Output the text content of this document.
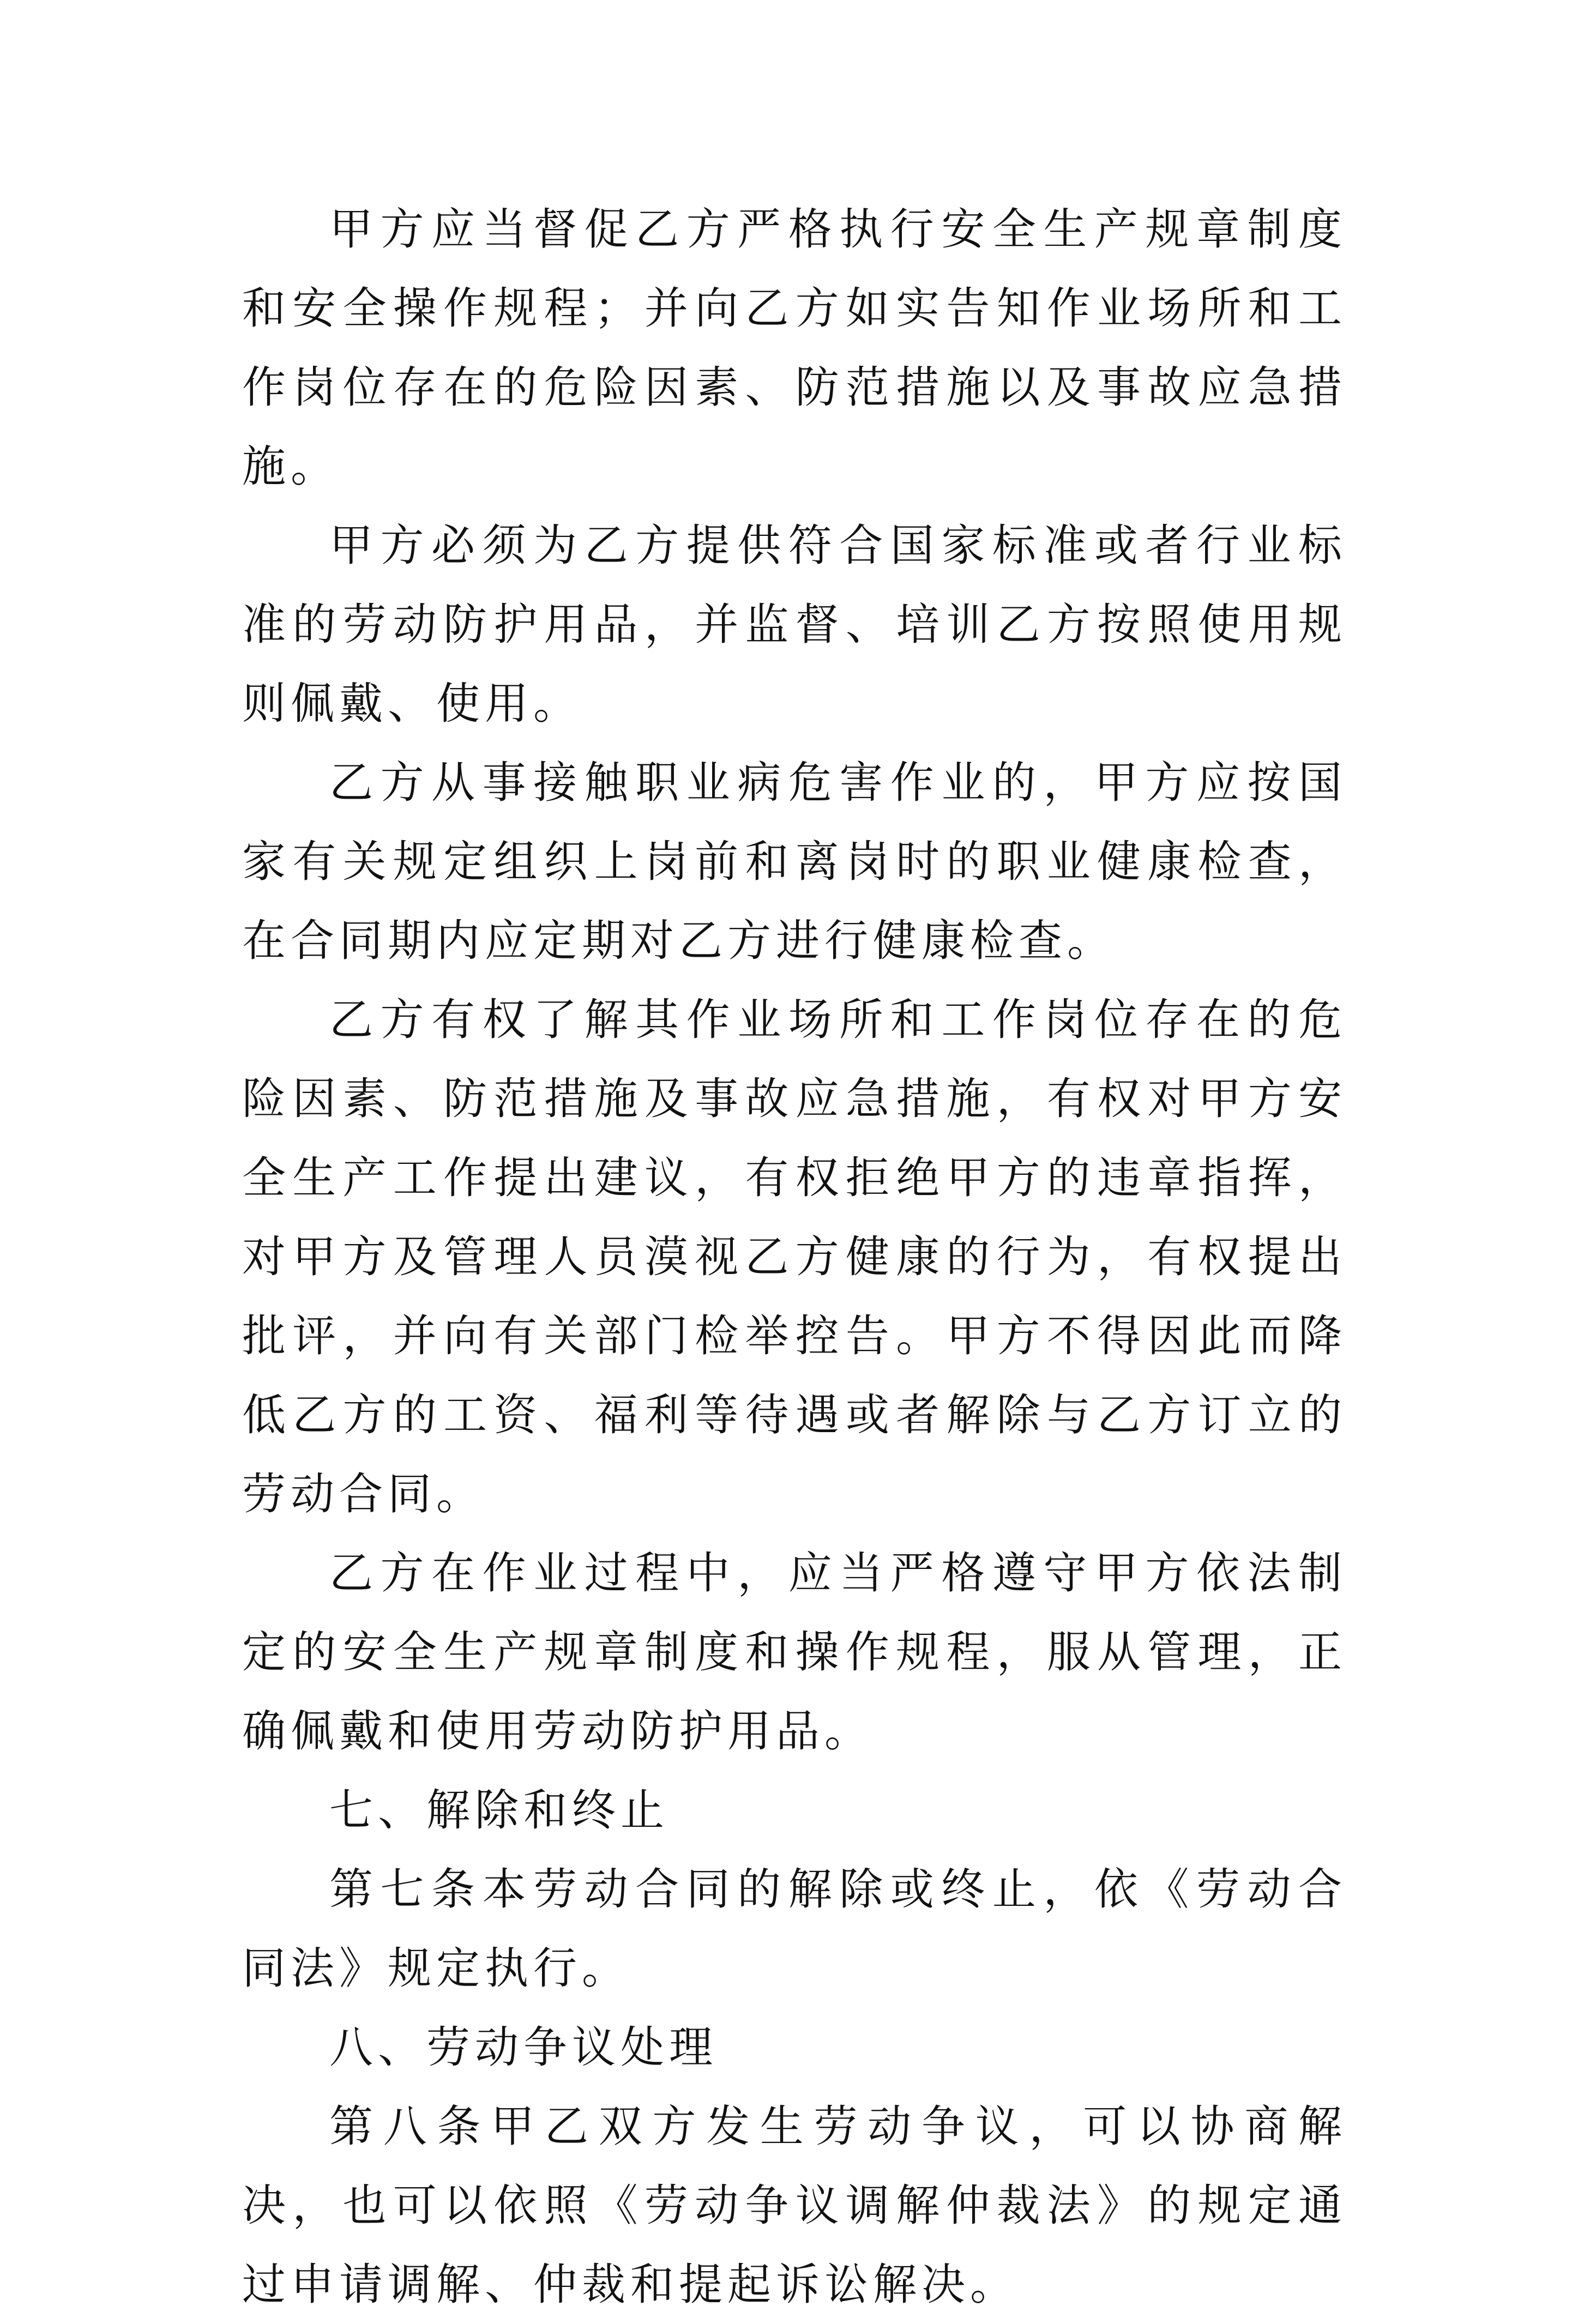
甲方应当督促乙方严格执行安全生产规章制度和安全操作规程；并向乙方如实告知作业场所和工作岗位存在的危险因素、防范措施以及事故应急措施。

甲方必须为乙方提供符合国家标准或者行业标准的劳动防护用品，并监督、培训乙方按照使用规则佩戴、使用。

乙方从事接触职业病危害作业的，甲方应按国家有关规定组织上岗前和离岗时的职业健康检查，在合同期内应定期对乙方进行健康检查。

乙方有权了解其作业场所和工作岗位存在的危险因素、防范措施及事故应急措施，有权对甲方安全生产工作提出建议，有权拒绝甲方的违章指挥，对甲方及管理人员漠视乙方健康的行为，有权提出批评，并向有关部门检举控告。甲方不得因此而降低乙方的工资、福利等待遇或者解除与乙方订立的劳动合同。

乙方在作业过程中，应当严格遵守甲方依法制定的安全生产规章制度和操作规程，服从管理，正确佩戴和使用劳动防护用品。

七、解除和终止

第七条本劳动合同的解除或终止，依《劳动合同法》规定执行。

八、劳动争议处理

第八条甲乙双方发生劳动争议，可以协商解决，也可以依照《劳动争议调解仲裁法》的规定通过申请调解、仲裁和提起诉讼解决。
